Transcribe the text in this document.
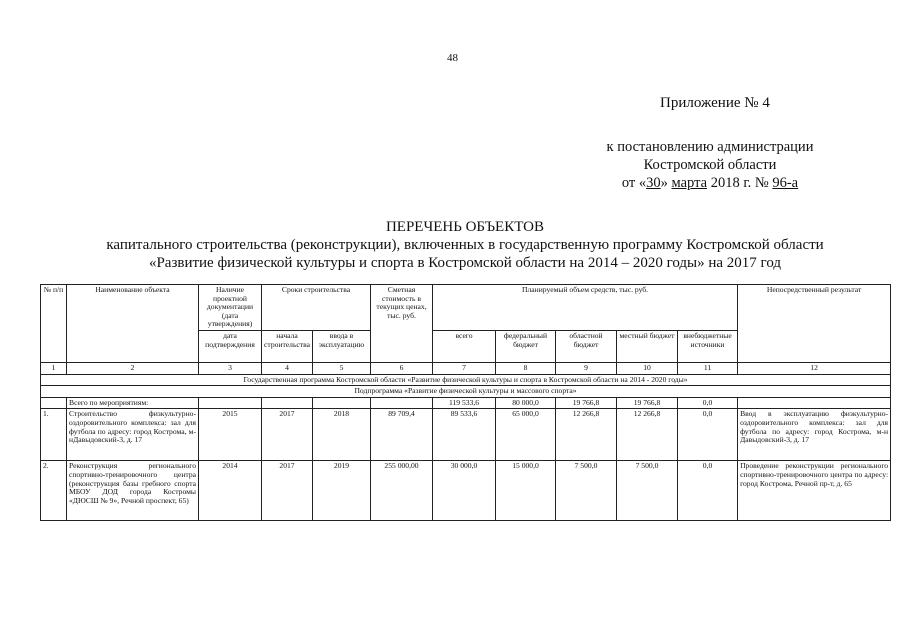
48
Приложение № 4
к постановлению администрации
Костромской области
от «30» марта 2018 г. № 96-а
ПЕРЕЧЕНЬ ОБЪЕКТОВ
капитального строительства (реконструкции), включенных в государственную программу Костромской области
«Развитие физической культуры и спорта в Костромской области на 2014 – 2020 годы» на 2017 год
№ п/п	Наименование объекта	Наличие проектной документации (дата утверждения)	Сроки строительства		Сметная стоимость в текущих ценах, тыс. руб.	Планируемый объем средств, тыс. руб.					Непосредственный результат
		дата подтверждения	начала строительства	ввода в эксплуатацию		всего	федеральный бюджет	областной бюджет	местный бюджет	внебюджетные источники	
1	2	3	4	5	6	7	8	9	10	11	12
Государственная программа Костромской области «Развитие физической культуры и спорта в Костромской области на 2014 - 2020 годы»											
Подпрограмма «Развитие физической культуры и массового спорта»											
	Всего по мероприятиям:					119 533,6	80 000,0	19 766,8	19 766,8	0,0	
1.	Строительство физкультурно-оздоровительного комплекса: зал для футбола по адресу: город Кострома, м-нДавыдовский-3, д. 17	2015	2017	2018	89 709,4	89 533,6	65 000,0	12 266,8	12 266,8	0,0	Ввод в эксплуатацию физкультурно-оздоровительного комплекса: зал для футбола по адресу: город Кострома, м-н Давыдовский-3, д. 17
2.	Реконструкция регионального спортивно-тренировочного центра (реконструкция базы гребного спорта МБОУ ДОД города Костромы «ДЮСШ № 9», Речной проспект, 65)	2014	2017	2019	255 000,00	30 000,0	15 000,0	7 500,0	7 500,0	0,0	Проведение реконструкции регионального спортивно-тренировочного центра по адресу: город Кострома, Речной пр-т, д. 65
